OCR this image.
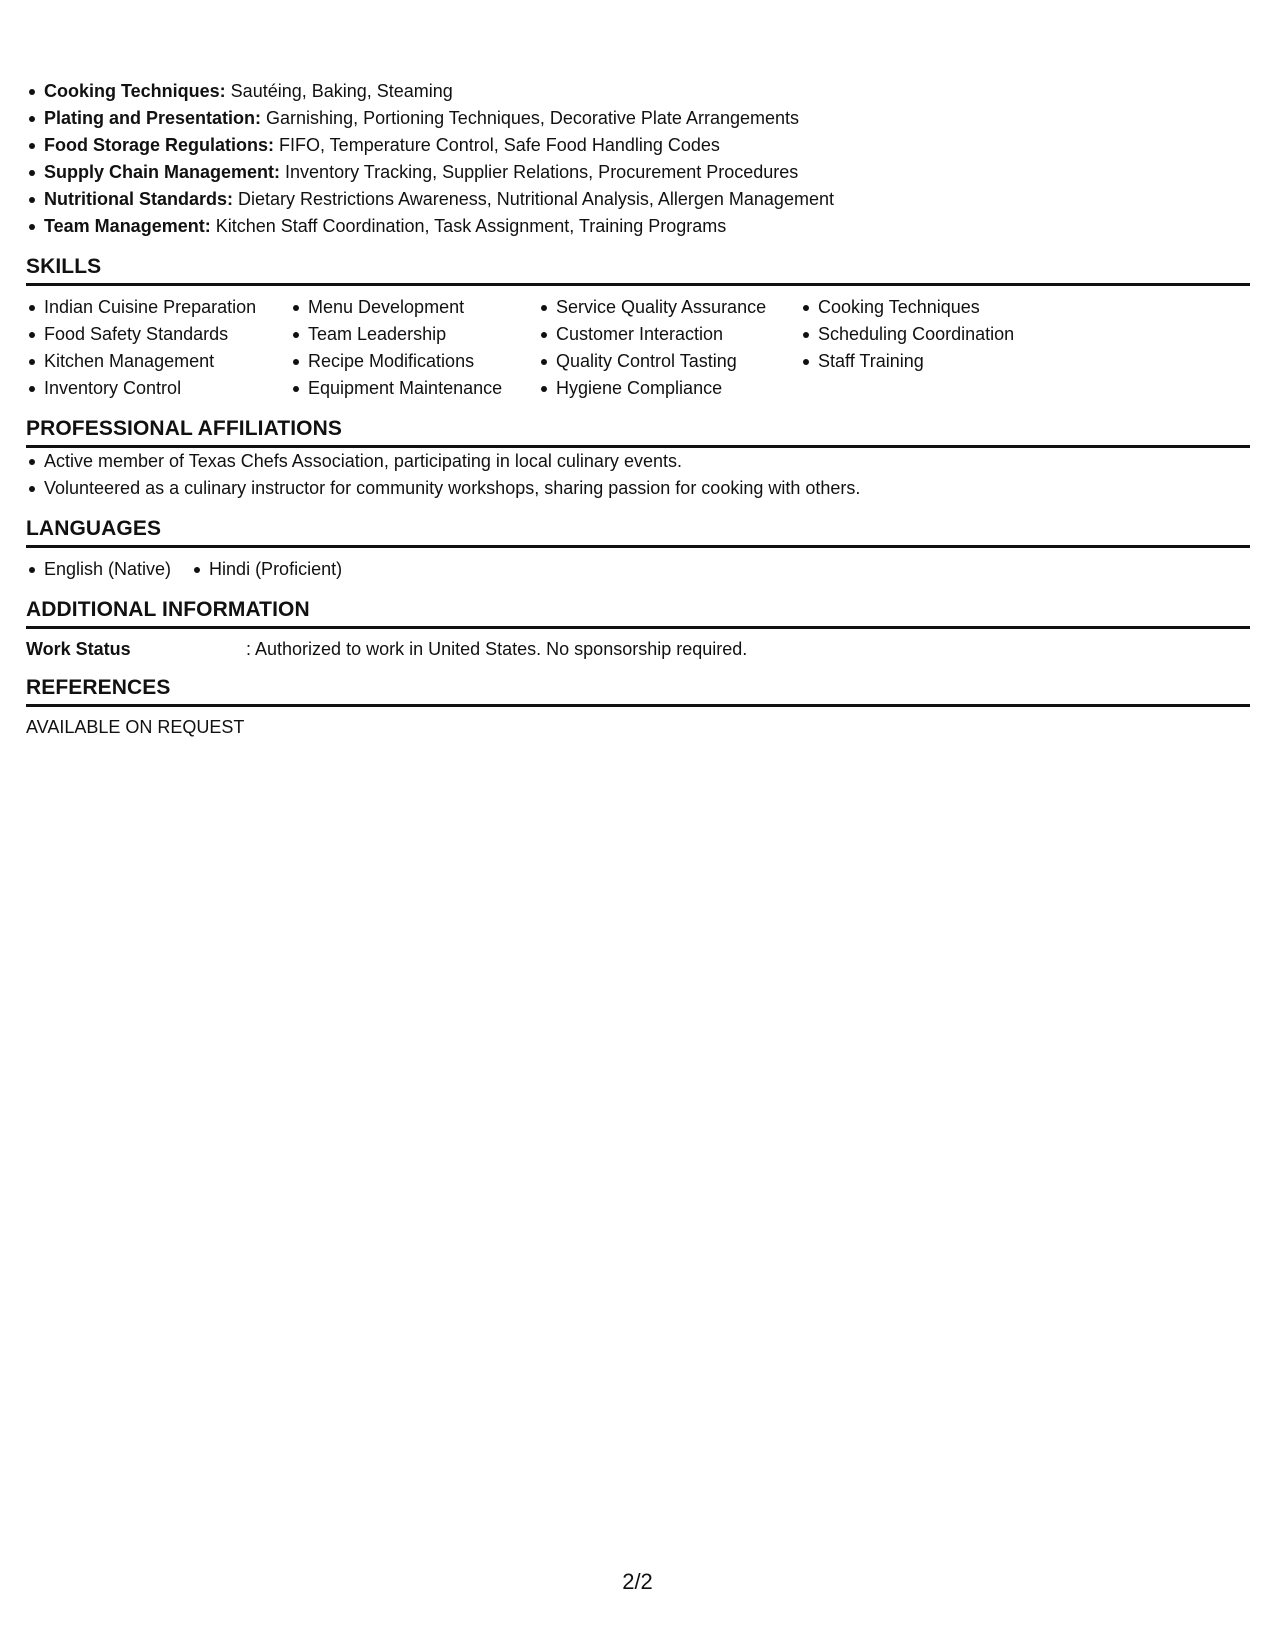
Cooking Techniques: Sautéing, Baking, Steaming
Plating and Presentation: Garnishing, Portioning Techniques, Decorative Plate Arrangements
Food Storage Regulations: FIFO, Temperature Control, Safe Food Handling Codes
Supply Chain Management: Inventory Tracking, Supplier Relations, Procurement Procedures
Nutritional Standards: Dietary Restrictions Awareness, Nutritional Analysis, Allergen Management
Team Management: Kitchen Staff Coordination, Task Assignment, Training Programs
SKILLS
Indian Cuisine Preparation
Food Safety Standards
Kitchen Management
Inventory Control
Menu Development
Team Leadership
Recipe Modifications
Equipment Maintenance
Service Quality Assurance
Customer Interaction
Quality Control Tasting
Hygiene Compliance
Cooking Techniques
Scheduling Coordination
Staff Training
PROFESSIONAL AFFILIATIONS
Active member of Texas Chefs Association, participating in local culinary events.
Volunteered as a culinary instructor for community workshops, sharing passion for cooking with others.
LANGUAGES
English (Native)	Hindi (Proficient)
ADDITIONAL INFORMATION
Work Status	: Authorized to work in United States. No sponsorship required.
REFERENCES
AVAILABLE ON REQUEST
2/2
